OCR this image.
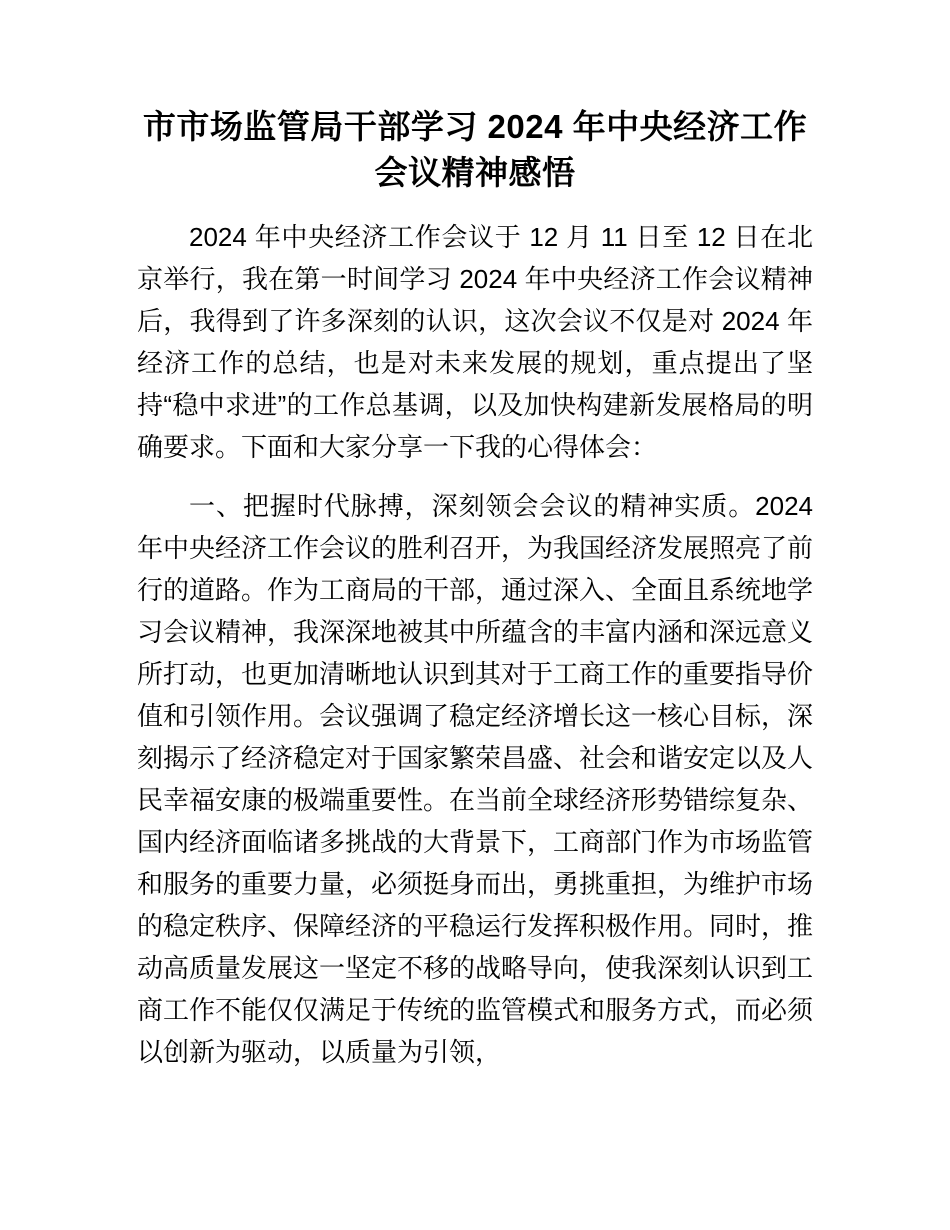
市市场监管局干部学习 2024 年中央经济工作会议精神感悟

2024 年中央经济工作会议于 12 月 11 日至 12 日在北京举行，我在第一时间学习 2024 年中央经济工作会议精神后，我得到了许多深刻的认识，这次会议不仅是对 2024 年经济工作的总结，也是对未来发展的规划，重点提出了坚持“稳中求进”的工作总基调，以及加快构建新发展格局的明确要求。下面和大家分享一下我的心得体会：

一、把握时代脉搏，深刻领会会议的精神实质。2024 年中央经济工作会议的胜利召开，为我国经济发展照亮了前行的道路。作为工商局的干部，通过深入、全面且系统地学习会议精神，我深深地被其中所蕴含的丰富内涵和深远意义所打动，也更加清晰地认识到其对于工商工作的重要指导价值和引领作用。会议强调了稳定经济增长这一核心目标，深刻揭示了经济稳定对于国家繁荣昌盛、社会和谐安定以及人民幸福安康的极端重要性。在当前全球经济形势错综复杂、国内经济面临诸多挑战的大背景下，工商部门作为市场监管和服务的重要力量，必须挺身而出，勇挑重担，为维护市场的稳定秩序、保障经济的平稳运行发挥积极作用。同时，推动高质量发展这一坚定不移的战略导向，使我深刻认识到工商工作不能仅仅满足于传统的监管模式和服务方式，而必须以创新为驱动，以质量为引领，
